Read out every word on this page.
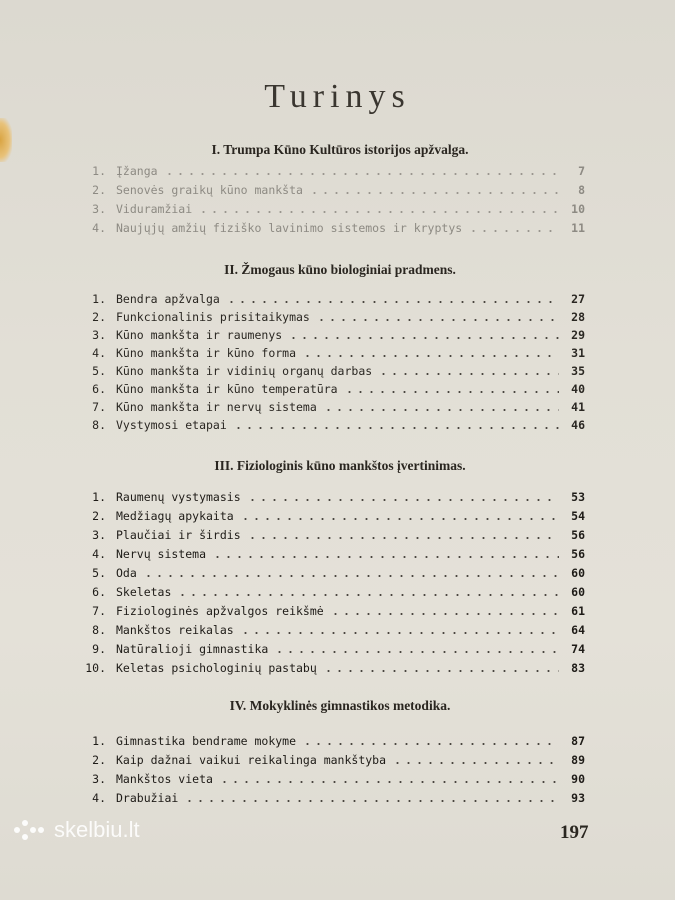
Turinys
I. Trumpa Kūno Kultūros istorijos apžvalga.
1. Įžanga	7
2. Senovės graikų kūno mankšta	8
3. Viduramžiai	10
4. Naujųjų amžių fiziško lavinimo sistemos ir kryptys	11
II. Žmogaus kūno biologiniai pradmens.
1. Bendra apžvalga	27
2. Funkcionalinis prisitaikymas	28
3. Kūno mankšta ir raumenys	29
4. Kūno mankšta ir kūno forma	31
5. Kūno mankšta ir vidinių organų darbas	35
6. Kūno mankšta ir kūno temperatūra	40
7. Kūno mankšta ir nervų sistema	41
8. Vystymosi etapai	46
III. Fiziologinis kūno mankštos įvertinimas.
1. Raumenų vystymasis	53
2. Medžiagų apykaita	54
3. Plaučiai ir širdis	56
4. Nervų sistema	56
5. Oda	60
6. Skeletas	60
7. Fiziologinės apžvalgos reikšmė	61
8. Mankštos reikalas	64
9. Natūralioji gimnastika	74
10. Keletas psichologinių pastabų	83
IV. Mokyklinės gimnastikos metodika.
1. Gimnastika bendrame mokyme	87
2. Kaip dažnai vaikui reikalinga mankštyba	89
3. Mankštos vieta	90
4. Drabužiai	93
197
skelbiu.lt
